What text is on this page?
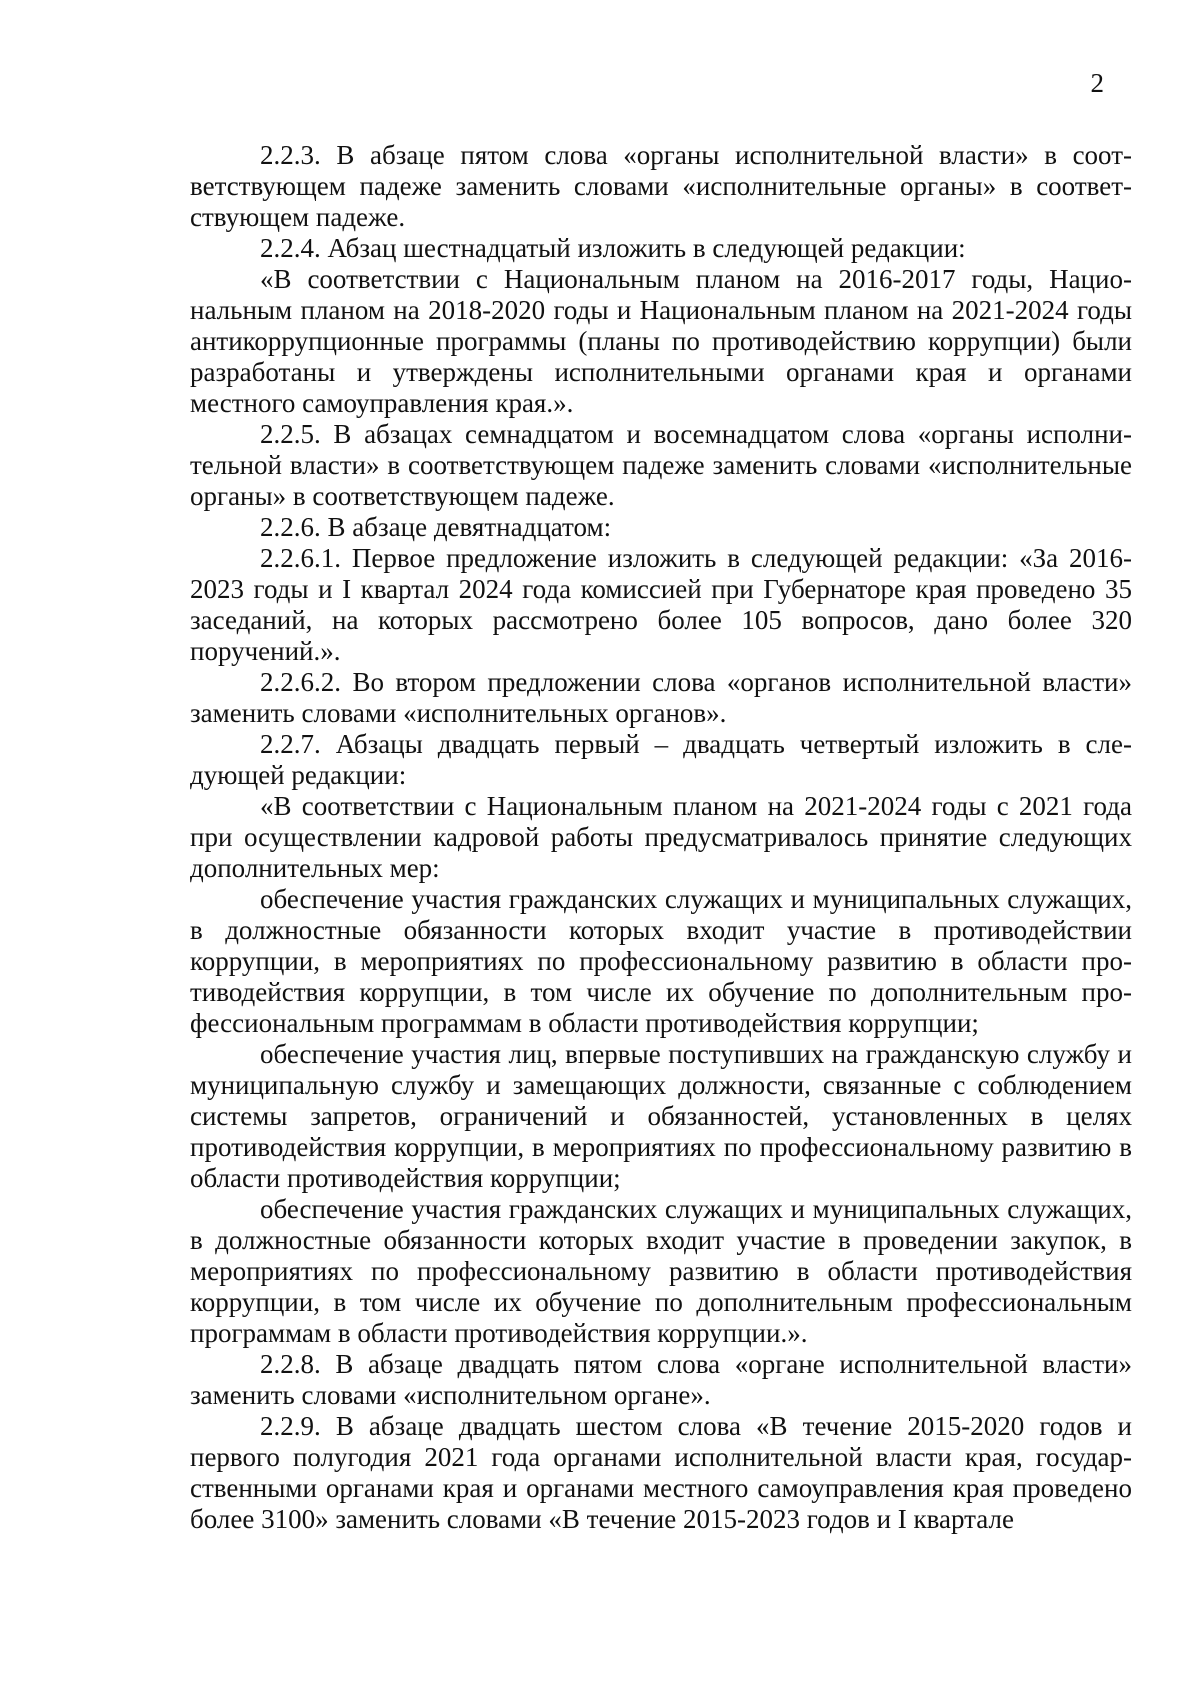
2

2.2.3. В абзаце пятом слова «органы исполнительной власти» в соответствующем падеже заменить словами «исполнительные органы» в соответствующем падеже.

2.2.4. Абзац шестнадцатый изложить в следующей редакции:

«В соответствии с Национальным планом на 2016-2017 годы, Национальным планом на 2018-2020 годы и Национальным планом на 2021-2024 годы антикоррупционные программы (планы по противодействию коррупции) были разработаны и утверждены исполнительными органами края и органами местного самоуправления края.».

2.2.5. В абзацах семнадцатом и восемнадцатом слова «органы исполнительной власти» в соответствующем падеже заменить словами «исполнительные органы» в соответствующем падеже.

2.2.6. В абзаце девятнадцатом:

2.2.6.1. Первое предложение изложить в следующей редакции: «За 2016-2023 годы и I квартал 2024 года комиссией при Губернаторе края проведено 35 заседаний, на которых рассмотрено более 105 вопросов, дано более 320 поручений.».

2.2.6.2. Во втором предложении слова «органов исполнительной власти» заменить словами «исполнительных органов».

2.2.7. Абзацы двадцать первый – двадцать четвертый изложить в следующей редакции:

«В соответствии с Национальным планом на 2021-2024 годы с 2021 года при осуществлении кадровой работы предусматривалось принятие следующих дополнительных мер:

обеспечение участия гражданских служащих и муниципальных служащих, в должностные обязанности которых входит участие в противодействии коррупции, в мероприятиях по профессиональному развитию в области противодействия коррупции, в том числе их обучение по дополнительным профессиональным программам в области противодействия коррупции;

обеспечение участия лиц, впервые поступивших на гражданскую службу и муниципальную службу и замещающих должности, связанные с соблюдением системы запретов, ограничений и обязанностей, установленных в целях противодействия коррупции, в мероприятиях по профессиональному развитию в области противодействия коррупции;

обеспечение участия гражданских служащих и муниципальных служащих, в должностные обязанности которых входит участие в проведении закупок, в мероприятиях по профессиональному развитию в области противодействия коррупции, в том числе их обучение по дополнительным профессиональным программам в области противодействия коррупции.».

2.2.8. В абзаце двадцать пятом слова «органе исполнительной власти» заменить словами «исполнительном органе».

2.2.9. В абзаце двадцать шестом слова «В течение 2015-2020 годов и первого полугодия 2021 года органами исполнительной власти края, государственными органами края и органами местного самоуправления края проведено более 3100» заменить словами «В течение 2015-2023 годов и I квартале
